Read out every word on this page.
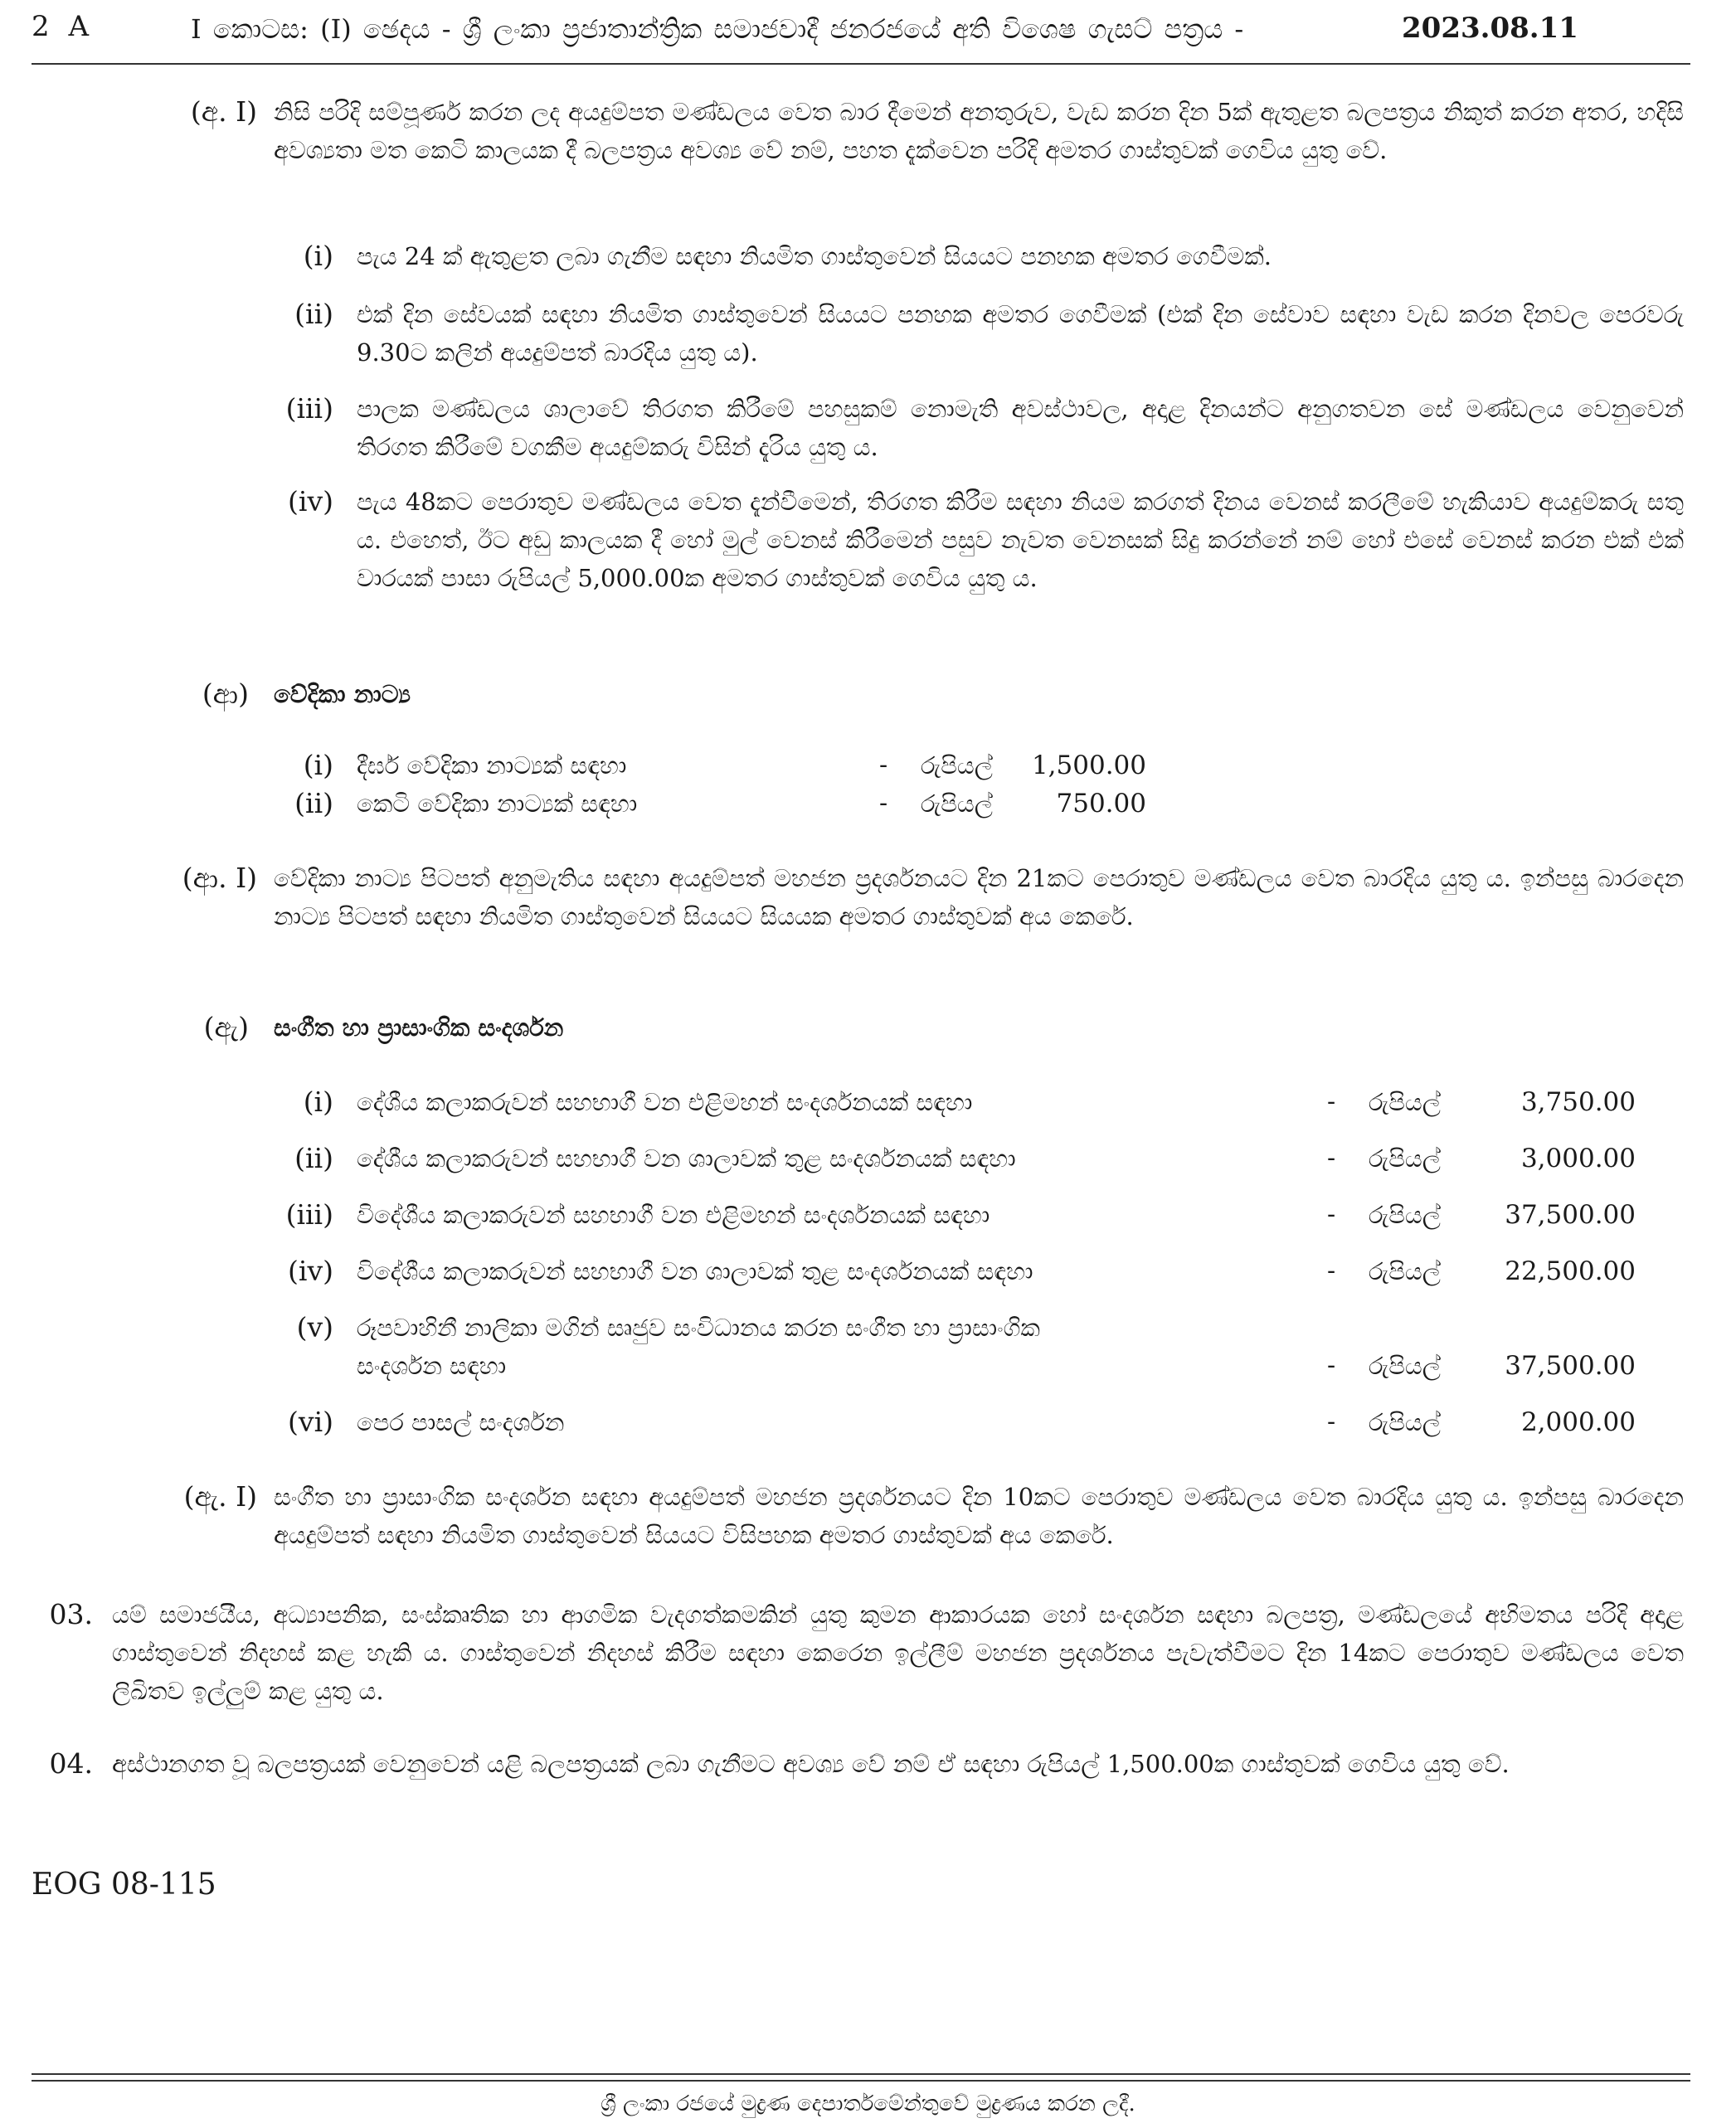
2 A	I කොටස: (I) ඡෙදය - ශ්‍රී ලංකා ප්‍රජාතාන්ත්‍රික සමාජවාදී ජනරජයේ අති විශෙෂ ගැසට් පත්‍රය -	2023.08.11
(අ. I) නිසි පරිදි සම්පූර්ණ කරන ලද අයදුම්පත මණ්ඩලය වෙත බාර දීමෙන් අනතුරුව, වැඩ කරන දින 5ක් ඇතුළත බලපත්‍රය නිකුත් කරන අතර, හදිසි අවශ්‍යතා මත කෙටි කාලයක දී බලපත්‍රය අවශ්‍ය වේ නම්, පහත දැක්වෙන පරිදි අමතර ගාස්තුවක් ගෙවිය යුතු වේ.
(i) පැය 24 ක් ඇතුළත ලබා ගැනීම සඳහා නියමිත ගාස්තුවෙන් සියයට පනහක අමතර ගෙවීමක්.
(ii) එක් දින සේවයක් සඳහා නියමිත ගාස්තුවෙන් සියයට පනහක අමතර ගෙවීමක් (එක් දින සේවාව සඳහා වැඩ කරන දිනවල පෙරවරු 9.30ට කලින් අයදුම්පත් බාරදිය යුතු ය).
(iii) පාලක මණ්ඩලය ශාලාවේ තිරගත කිරීමේ පහසුකම් නොමැති අවස්ථාවල, අදාළ දිනයන්ට අනුගතවන සේ මණ්ඩලය වෙනුවෙන් තිරගත කිරීමේ වගකීම අයදුම්කරු විසින් දැරිය යුතු ය.
(iv) පැය 48කට පෙරාතුව මණ්ඩලය වෙත දැන්වීමෙන්, තිරගත කිරීම සඳහා නියම කරගත් දිනය වෙනස් කරලීමේ හැකියාව අයදුම්කරු සතු ය. එහෙත්, ඊට අඩු කාලයක දී හෝ මුල් වෙනස් කිරීමෙන් පසුව නැවත වෙනසක් සිදු කරන්නේ නම් හෝ එසේ වෙනස් කරන එක් එක් වාරයක් පාසා රුපියල් 5,000.00ක අමතර ගාස්තුවක් ගෙවිය යුතු ය.
(ආ) වේදිකා නාට්‍ය
(i) දීර්ඝ වේදිකා නාට්‍යක් සඳහා	- රුපියල්	1,500.00
(ii) කෙටි වේදිකා නාට්‍යක් සඳහා	- රුපියල්	750.00
(ආ. I) වේදිකා නාට්‍ය පිටපත් අනුමැතිය සඳහා අයදුම්පත් මහජන ප්‍රදර්ශනයට දින 21කට පෙරාතුව මණ්ඩලය වෙත බාරදිය යුතු ය. ඉන්පසු බාරදෙන නාට්‍ය පිටපත් සඳහා නියමිත ගාස්තුවෙන් සියයට සියයක අමතර ගාස්තුවක් අය කෙරේ.
(ඇ) සංගීත හා ප්‍රාසාංගික සංදර්ශන
(i) දේශීය කලාකරුවන් සහභාගී වන එළිමහන් සංදර්ශනයක් සඳහා	- රුපියල්	3,750.00
(ii) දේශීය කලාකරුවන් සහභාගී වන ශාලාවක් තුළ සංදර්ශනයක් සඳහා	- රුපියල්	3,000.00
(iii) විදේශීය කලාකරුවන් සහභාගී වන එළිමහන් සංදර්ශනයක් සඳහා	- රුපියල්	37,500.00
(iv) විදේශීය කලාකරුවන් සහභාගී වන ශාලාවක් තුළ සංදර්ශනයක් සඳහා	- රුපියල්	22,500.00
(v) රූපවාහිනී නාලිකා මගින් සෘජුව සංවිධානය කරන සංගීත හා ප්‍රාසාංගික
සංදර්ශන සඳහා	- රුපියල්	37,500.00
(vi) පෙර පාසල් සංදර්ශන	- රුපියල්	2,000.00
(ඇ. I) සංගීත හා ප්‍රාසාංගික සංදර්ශන සඳහා අයදුම්පත් මහජන ප්‍රදර්ශනයට දින 10කට පෙරාතුව මණ්ඩලය වෙත බාරදිය යුතු ය. ඉන්පසු බාරදෙන අයදුම්පත් සඳහා නියමිත ගාස්තුවෙන් සියයට විසිපහක අමතර ගාස්තුවක් අය කෙරේ.
03. යම් සමාජයීය, අධ්‍යාපනික, සංස්කෘතික හා ආගමික වැදගත්කමකින් යුතු කුමන ආකාරයක හෝ සංදර්ශන සඳහා බලපත්‍ර, මණ්ඩලයේ අභිමතය පරිදි අදාළ ගාස්තුවෙන් නිදහස් කළ හැකි ය. ගාස්තුවෙන් නිදහස් කිරීම සඳහා කෙරෙන ඉල්ලීම් මහජන ප්‍රදර්ශනය පැවැත්වීමට දින 14කට පෙරාතුව මණ්ඩලය වෙත ලිඛිතව ඉල්ලුම් කළ යුතු ය.
04. අස්ථානගත වූ බලපත්‍රයක් වෙනුවෙන් යළි බලපත්‍රයක් ලබා ගැනීමට අවශ්‍ය වේ නම් ඒ සඳහා රුපියල් 1,500.00ක ගාස්තුවක් ගෙවිය යුතු වේ.
EOG 08-115
ශ්‍රී ලංකා රජයේ මුද්‍රණ දෙපාර්තමේන්තුවේ මුද්‍රණය කරන ලදී.
